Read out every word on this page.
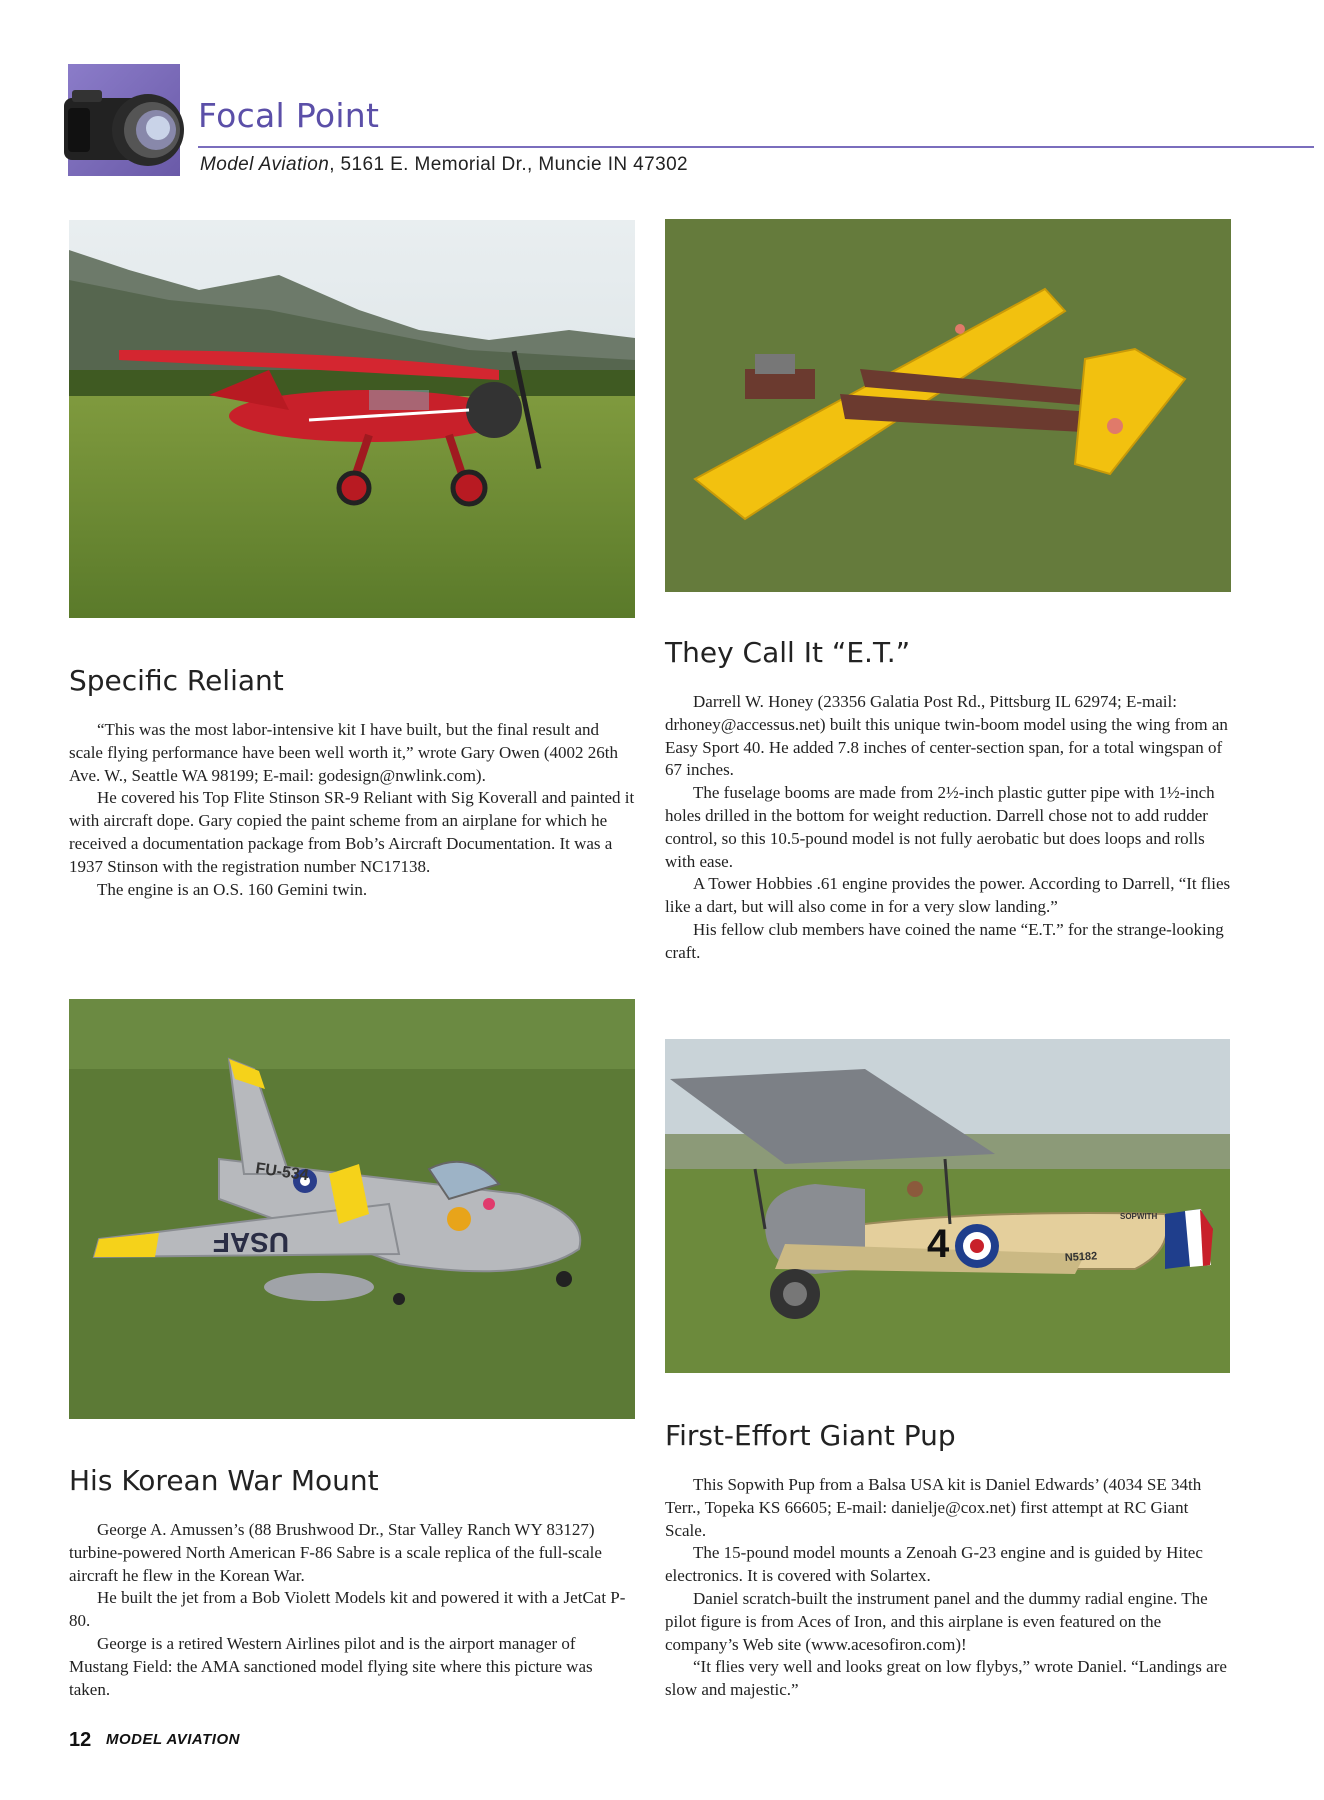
Focal Point
Model Aviation, 5161 E. Memorial Dr., Muncie IN 47302
Specific Reliant

“This was the most labor-intensive kit I have built, but the final result and scale flying performance have been well worth it,” wrote Gary Owen (4002 26th Ave. W., Seattle WA 98199; E-mail: godesign@nwlink.com).

He covered his Top Flite Stinson SR-9 Reliant with Sig Koverall and painted it with aircraft dope. Gary copied the paint scheme from an airplane for which he received a documentation package from Bob’s Aircraft Documentation. It was a 1937 Stinson with the registration number NC17138.

The engine is an O.S. 160 Gemini twin.

They Call It “E.T.”

Darrell W. Honey (23356 Galatia Post Rd., Pittsburg IL 62974; E-mail: drhoney@accessus.net) built this unique twin-boom model using the wing from an Easy Sport 40. He added 7.8 inches of center-section span, for a total wingspan of 67 inches.

The fuselage booms are made from 2½-inch plastic gutter pipe with 1½-inch holes drilled in the bottom for weight reduction. Darrell chose not to add rudder control, so this 10.5-pound model is not fully aerobatic but does loops and rolls with ease.

A Tower Hobbies .61 engine provides the power. According to Darrell, “It flies like a dart, but will also come in for a very slow landing.”

His fellow club members have coined the name “E.T.” for the strange-looking craft.

FU-534
USAF	4	N5182
SOPWITH
His Korean War Mount

George A. Amussen’s (88 Brushwood Dr., Star Valley Ranch WY 83127) turbine-powered North American F-86 Sabre is a scale replica of the full-scale aircraft he flew in the Korean War.

He built the jet from a Bob Violett Models kit and powered it with a JetCat P-80.

George is a retired Western Airlines pilot and is the airport manager of Mustang Field: the AMA sanctioned model flying site where this picture was taken.

First-Effort Giant Pup

This Sopwith Pup from a Balsa USA kit is Daniel Edwards’ (4034 SE 34th Terr., Topeka KS 66605; E-mail: danielje@cox.net) first attempt at RC Giant Scale.

The 15-pound model mounts a Zenoah G-23 engine and is guided by Hitec electronics. It is covered with Solartex.

Daniel scratch-built the instrument panel and the dummy radial engine. The pilot figure is from Aces of Iron, and this airplane is even featured on the company’s Web site (www.acesofiron.com)!

“It flies very well and looks great on low flybys,” wrote Daniel. “Landings are slow and majestic.”

12 MODEL AVIATION
